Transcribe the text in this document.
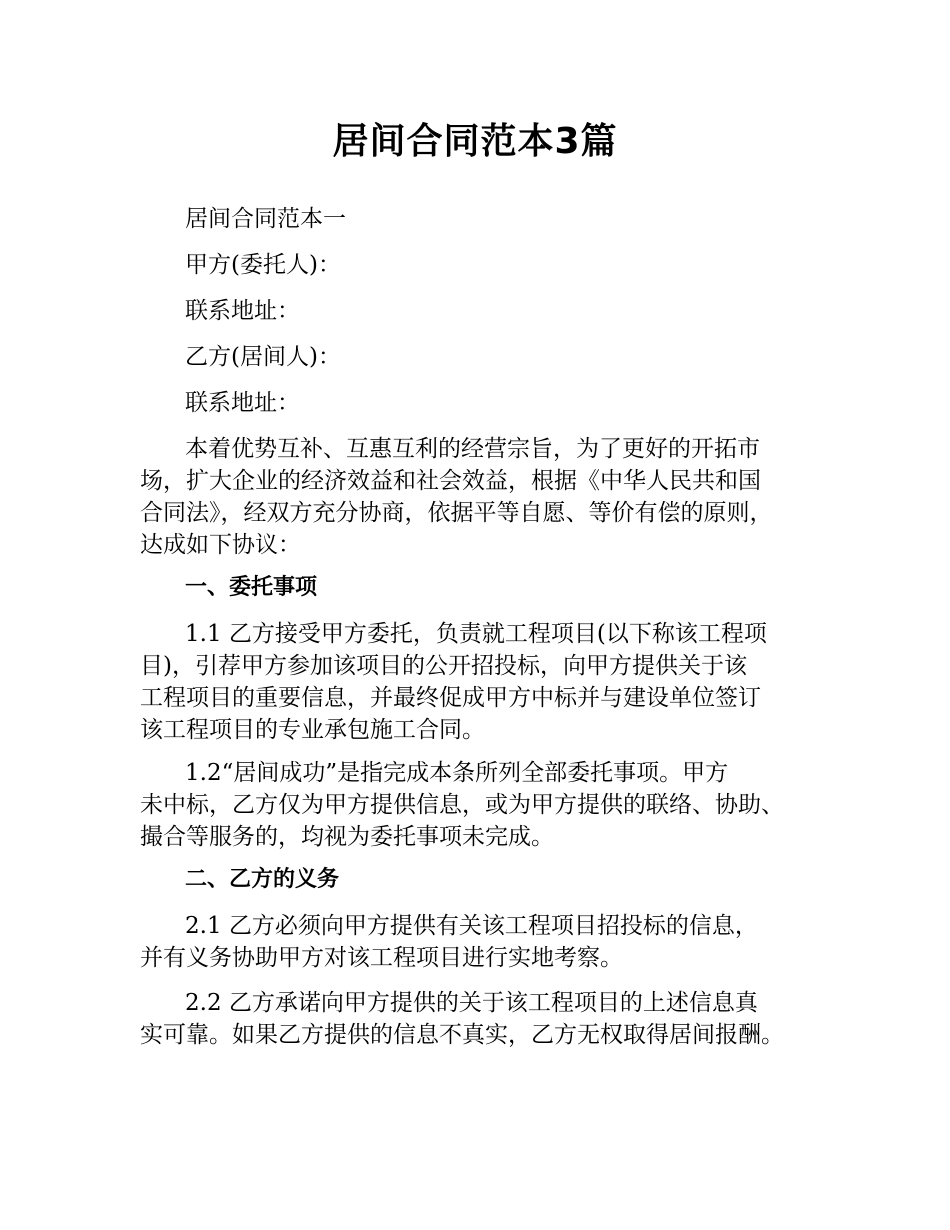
居间合同范本3篇
居间合同范本一
甲方(委托人)：
联系地址：
乙方(居间人)：
联系地址：
本着优势互补、互惠互利的经营宗旨，为了更好的开拓市
场，扩大企业的经济效益和社会效益，根据《中华人民共和国
合同法》，经双方充分协商，依据平等自愿、等价有偿的原则，
达成如下协议：
一、委托事项
1.1 乙方接受甲方委托，负责就工程项目(以下称该工程项
目)，引荐甲方参加该项目的公开招投标，向甲方提供关于该
工程项目的重要信息，并最终促成甲方中标并与建设单位签订
该工程项目的专业承包施工合同。
1.2“居间成功”是指完成本条所列全部委托事项。甲方
未中标，乙方仅为甲方提供信息，或为甲方提供的联络、协助、
撮合等服务的，均视为委托事项未完成。
二、乙方的义务
2.1 乙方必须向甲方提供有关该工程项目招投标的信息，
并有义务协助甲方对该工程项目进行实地考察。
2.2 乙方承诺向甲方提供的关于该工程项目的上述信息真
实可靠。如果乙方提供的信息不真实，乙方无权取得居间报酬。
